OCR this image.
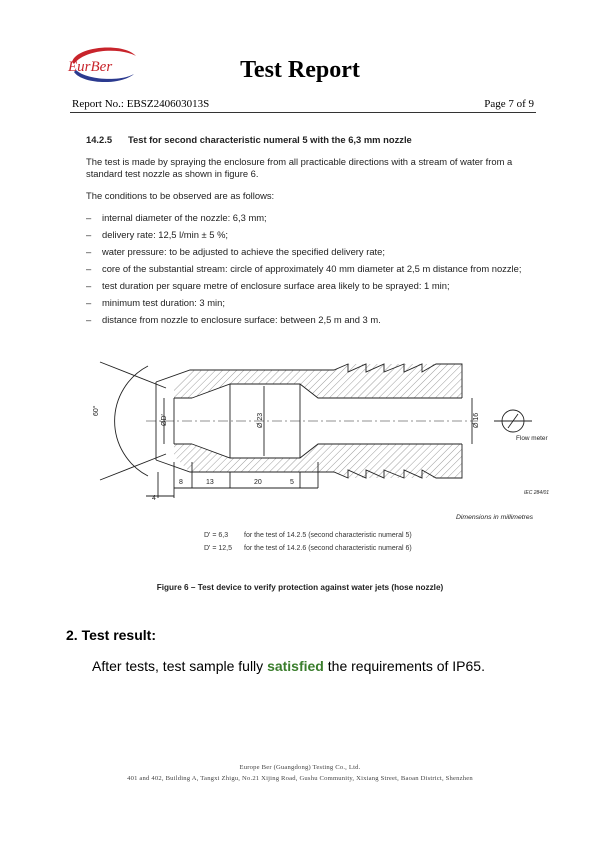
EurBer	Test Report
Report No.: EBSZ240603013S	Page 7 of 9
14.2.5 Test for second characteristic numeral 5 with the 6,3 mm nozzle
The test is made by spraying the enclosure from all practicable directions with a stream of water from a standard test nozzle as shown in figure 6.
The conditions to be observed are as follows:
– internal diameter of the nozzle: 6,3 mm;
– delivery rate: 12,5 l/min ± 5 %;
– water pressure: to be adjusted to achieve the specified delivery rate;
– core of the substantial stream: circle of approximately 40 mm diameter at 2,5 m distance from nozzle;
– test duration per square metre of enclosure surface area likely to be sprayed: 1 min;
– minimum test duration: 3 min;
– distance from nozzle to enclosure surface: between 2,5 m and 3 m.
60°
ØD'	Ø 23	Ø 16
4
8	13	20	5
Flow meter
IEC 284/01
Dimensions in millimetres
D' = 6,3 for the test of 14.2.5 (second characteristic numeral 5)
D' = 12,5 for the test of 14.2.6 (second characteristic numeral 6)
Figure 6 – Test device to verify protection against water jets (hose nozzle)
2. Test result:
After tests, test sample fully satisfied the requirements of IP65.
Europe Ber (Guangdong) Testing Co., Ltd.
401 and 402, Building A, Tangxi Zhigu, No.21 Xijing Road, Gushu Community, Xixiang Street, Baoan District, Shenzhen
